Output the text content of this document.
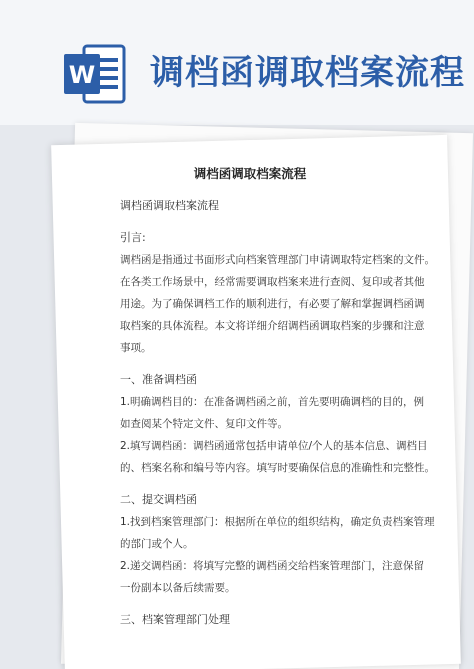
W 调档函调取档案流程
调档函调取档案流程

调档函调取档案流程

引言:

调档函是指通过书面形式向档案管理部门申请调取特定档案的文件。

在各类工作场景中，经常需要调取档案来进行查阅、复印或者其他

用途。为了确保调档工作的顺利进行，有必要了解和掌握调档函调

取档案的具体流程。本文将详细介绍调档函调取档案的步骤和注意

事项。

一、准备调档函

1.明确调档目的：在准备调档函之前，首先要明确调档的目的，例

如查阅某个特定文件、复印文件等。

2.填写调档函：调档函通常包括申请单位/个人的基本信息、调档目

的、档案名称和编号等内容。填写时要确保信息的准确性和完整性。

二、提交调档函

1.找到档案管理部门：根据所在单位的组织结构，确定负责档案管理

的部门或个人。

2.递交调档函：将填写完整的调档函交给档案管理部门，注意保留

一份副本以备后续需要。

三、档案管理部门处理
